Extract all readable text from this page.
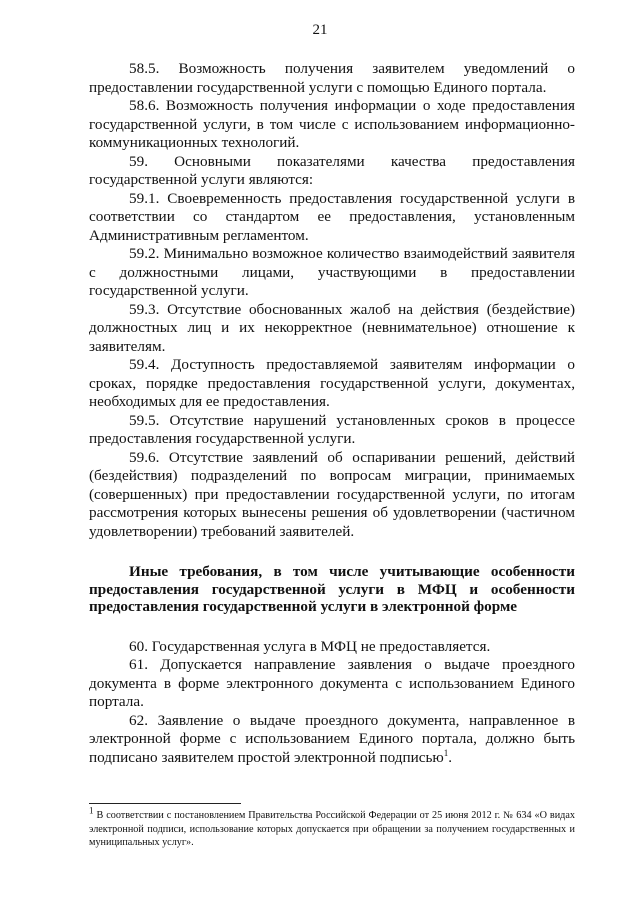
21

58.5. Возможность получения заявителем уведомлений о предоставлении государственной услуги с помощью Единого портала.

58.6. Возможность получения информации о ходе предоставления государственной услуги, в том числе с использованием информационно-коммуникационных технологий.

59. Основными показателями качества предоставления государственной услуги являются:

59.1. Своевременность предоставления государственной услуги в соответствии со стандартом ее предоставления, установленным Административным регламентом.

59.2. Минимально возможное количество взаимодействий заявителя с должностными лицами, участвующими в предоставлении государственной услуги.

59.3. Отсутствие обоснованных жалоб на действия (бездействие) должностных лиц и их некорректное (невнимательное) отношение к заявителям.

59.4. Доступность предоставляемой заявителям информации о сроках, порядке предоставления государственной услуги, документах, необходимых для ее предоставления.

59.5. Отсутствие нарушений установленных сроков в процессе предоставления государственной услуги.

59.6. Отсутствие заявлений об оспаривании решений, действий (бездействия) подразделений по вопросам миграции, принимаемых (совершенных) при предоставлении государственной услуги, по итогам рассмотрения которых вынесены решения об удовлетворении (частичном удовлетворении) требований заявителей.

Иные требования, в том числе учитывающие особенности предоставления государственной услуги в МФЦ и особенности предоставления государственной услуги в электронной форме

60. Государственная услуга в МФЦ не предоставляется.

61. Допускается направление заявления о выдаче проездного документа в форме электронного документа с использованием Единого портала.

62. Заявление о выдаче проездного документа, направленное в электронной форме с использованием Единого портала, должно быть подписано заявителем простой электронной подписью$^1$.

$^1$ В соответствии с постановлением Правительства Российской Федерации от 25 июня 2012 г. № 634 «О видах электронной подписи, использование которых допускается при обращении за получением государственных и муниципальных услуг».
